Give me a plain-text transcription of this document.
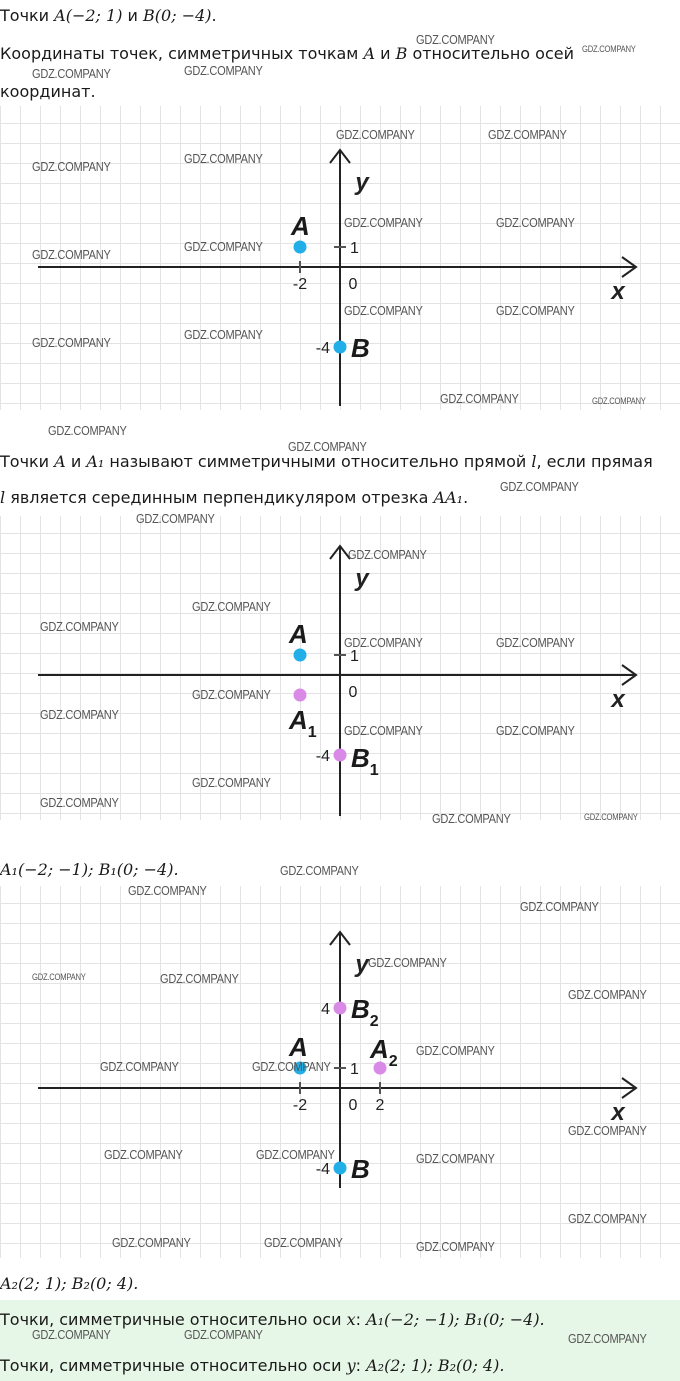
Точки A(−2; 1) и B(0; −4).
Координаты точек, симметричных точкам A и B относительно осей
координат.
x
y
0
-2
1
-4
A
B
Точки A и A₁ называют симметричными относительно прямой l, если прямая
l является серединным перпендикуляром отрезка AA₁.
x
y
0
1
-4
A
$A_1$
$B_1$
A₁(−2; −1); B₁(0; −4).
x
y
0
-2
1
2
4
-4
A $A_2$
$B_2$
B
A₂(2; 1); B₂(0; 4).
Точки, симметричные относительно оси x: A₁(−2; −1); B₁(0; −4).
Точки, симметричные относительно оси y: A₂(2; 1); B₂(0; 4).
GDZ.COMPANY
GDZ.COMPANY
GDZ.COMPANY	GDZ.COMPANY
GDZ.COMPANY	GDZ.COMPANY
GDZ.COMPANY
GDZ.COMPANY
GDZ.COMPANY	GDZ.COMPANY
GDZ.COMPANY
GDZ.COMPANY
GDZ.COMPANY	GDZ.COMPANY
GDZ.COMPANY
GDZ.COMPANY
GDZ.COMPANY	GDZ.COMPANY
GDZ.COMPANY
GDZ.COMPANY
GDZ.COMPANY
GDZ.COMPANY
GDZ.COMPANY
GDZ.COMPANY
GDZ.COMPANY
GDZ.COMPANY	GDZ.COMPANY
GDZ.COMPANY
GDZ.COMPANY
GDZ.COMPANY	GDZ.COMPANY
GDZ.COMPANY
GDZ.COMPANY
GDZ.COMPANY	GDZ.COMPANY
GDZ.COMPANY
GDZ.COMPANY
GDZ.COMPANY
GDZ.COMPANY	GDZ.COMPANY
GDZ.COMPANY
GDZ.COMPANY
GDZ.COMPANY	GDZ.COMPANY
GDZ.COMPANY
GDZ.COMPANY
GDZ.COMPANY	GDZ.COMPANY	GDZ.COMPANY
GDZ.COMPANY
GDZ.COMPANY	GDZ.COMPANY	GDZ.COMPANY
GDZ.COMPANY	GDZ.COMPANY	GDZ.COMPANY
